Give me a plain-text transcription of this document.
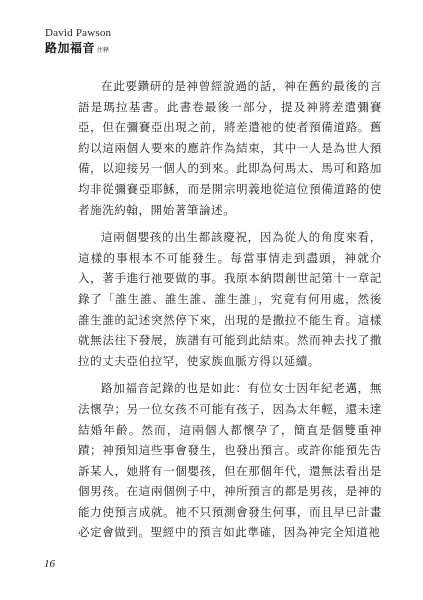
David Pawson
路加福音 注释

在此要鑽研的是神曾經說過的話，神在舊約最後的言語是瑪拉基書。此書卷最後一部分，提及神將差遣彌賽亞，但在彌賽亞出現之前，將差遣祂的使者預備道路。舊約以這兩個人要來的應許作為結束，其中一人是為世人預備，以迎接另一個人的到來。此即為何馬太、馬可和路加均非從彌賽亞耶穌，而是開宗明義地從這位預備道路的使者施洗約翰，開始著筆論述。

這兩個嬰孩的出生都該慶祝，因為從人的角度來看，這樣的事根本不可能發生。每當事情走到盡頭，神就介入，著手進行祂要做的事。我原本納悶創世記第十一章記錄了「誰生誰、誰生誰、誰生誰」，究竟有何用處，然後誰生誰的記述突然停下來，出現的是撒拉不能生育。這樣就無法往下發展，族譜有可能到此結束。然而神去找了撒拉的丈夫亞伯拉罕，使家族血脈方得以延續。

路加福音記錄的也是如此：有位女士因年紀老邁，無法懷孕；另一位女孩不可能有孩子，因為太年輕，還未達結婚年齡。然而，這兩個人都懷孕了，簡直是個雙重神蹟；神預知這些事會發生，也發出預言。或許你能預先告訴某人，她將有一個嬰孩，但在那個年代，還無法看出是個男孩。在這兩個例子中，神所預言的都是男孩，是神的能力使預言成就。祂不只預測會發生何事，而且早已計畫必定會做到。聖經中的預言如此準確，因為神完全知道祂

16
